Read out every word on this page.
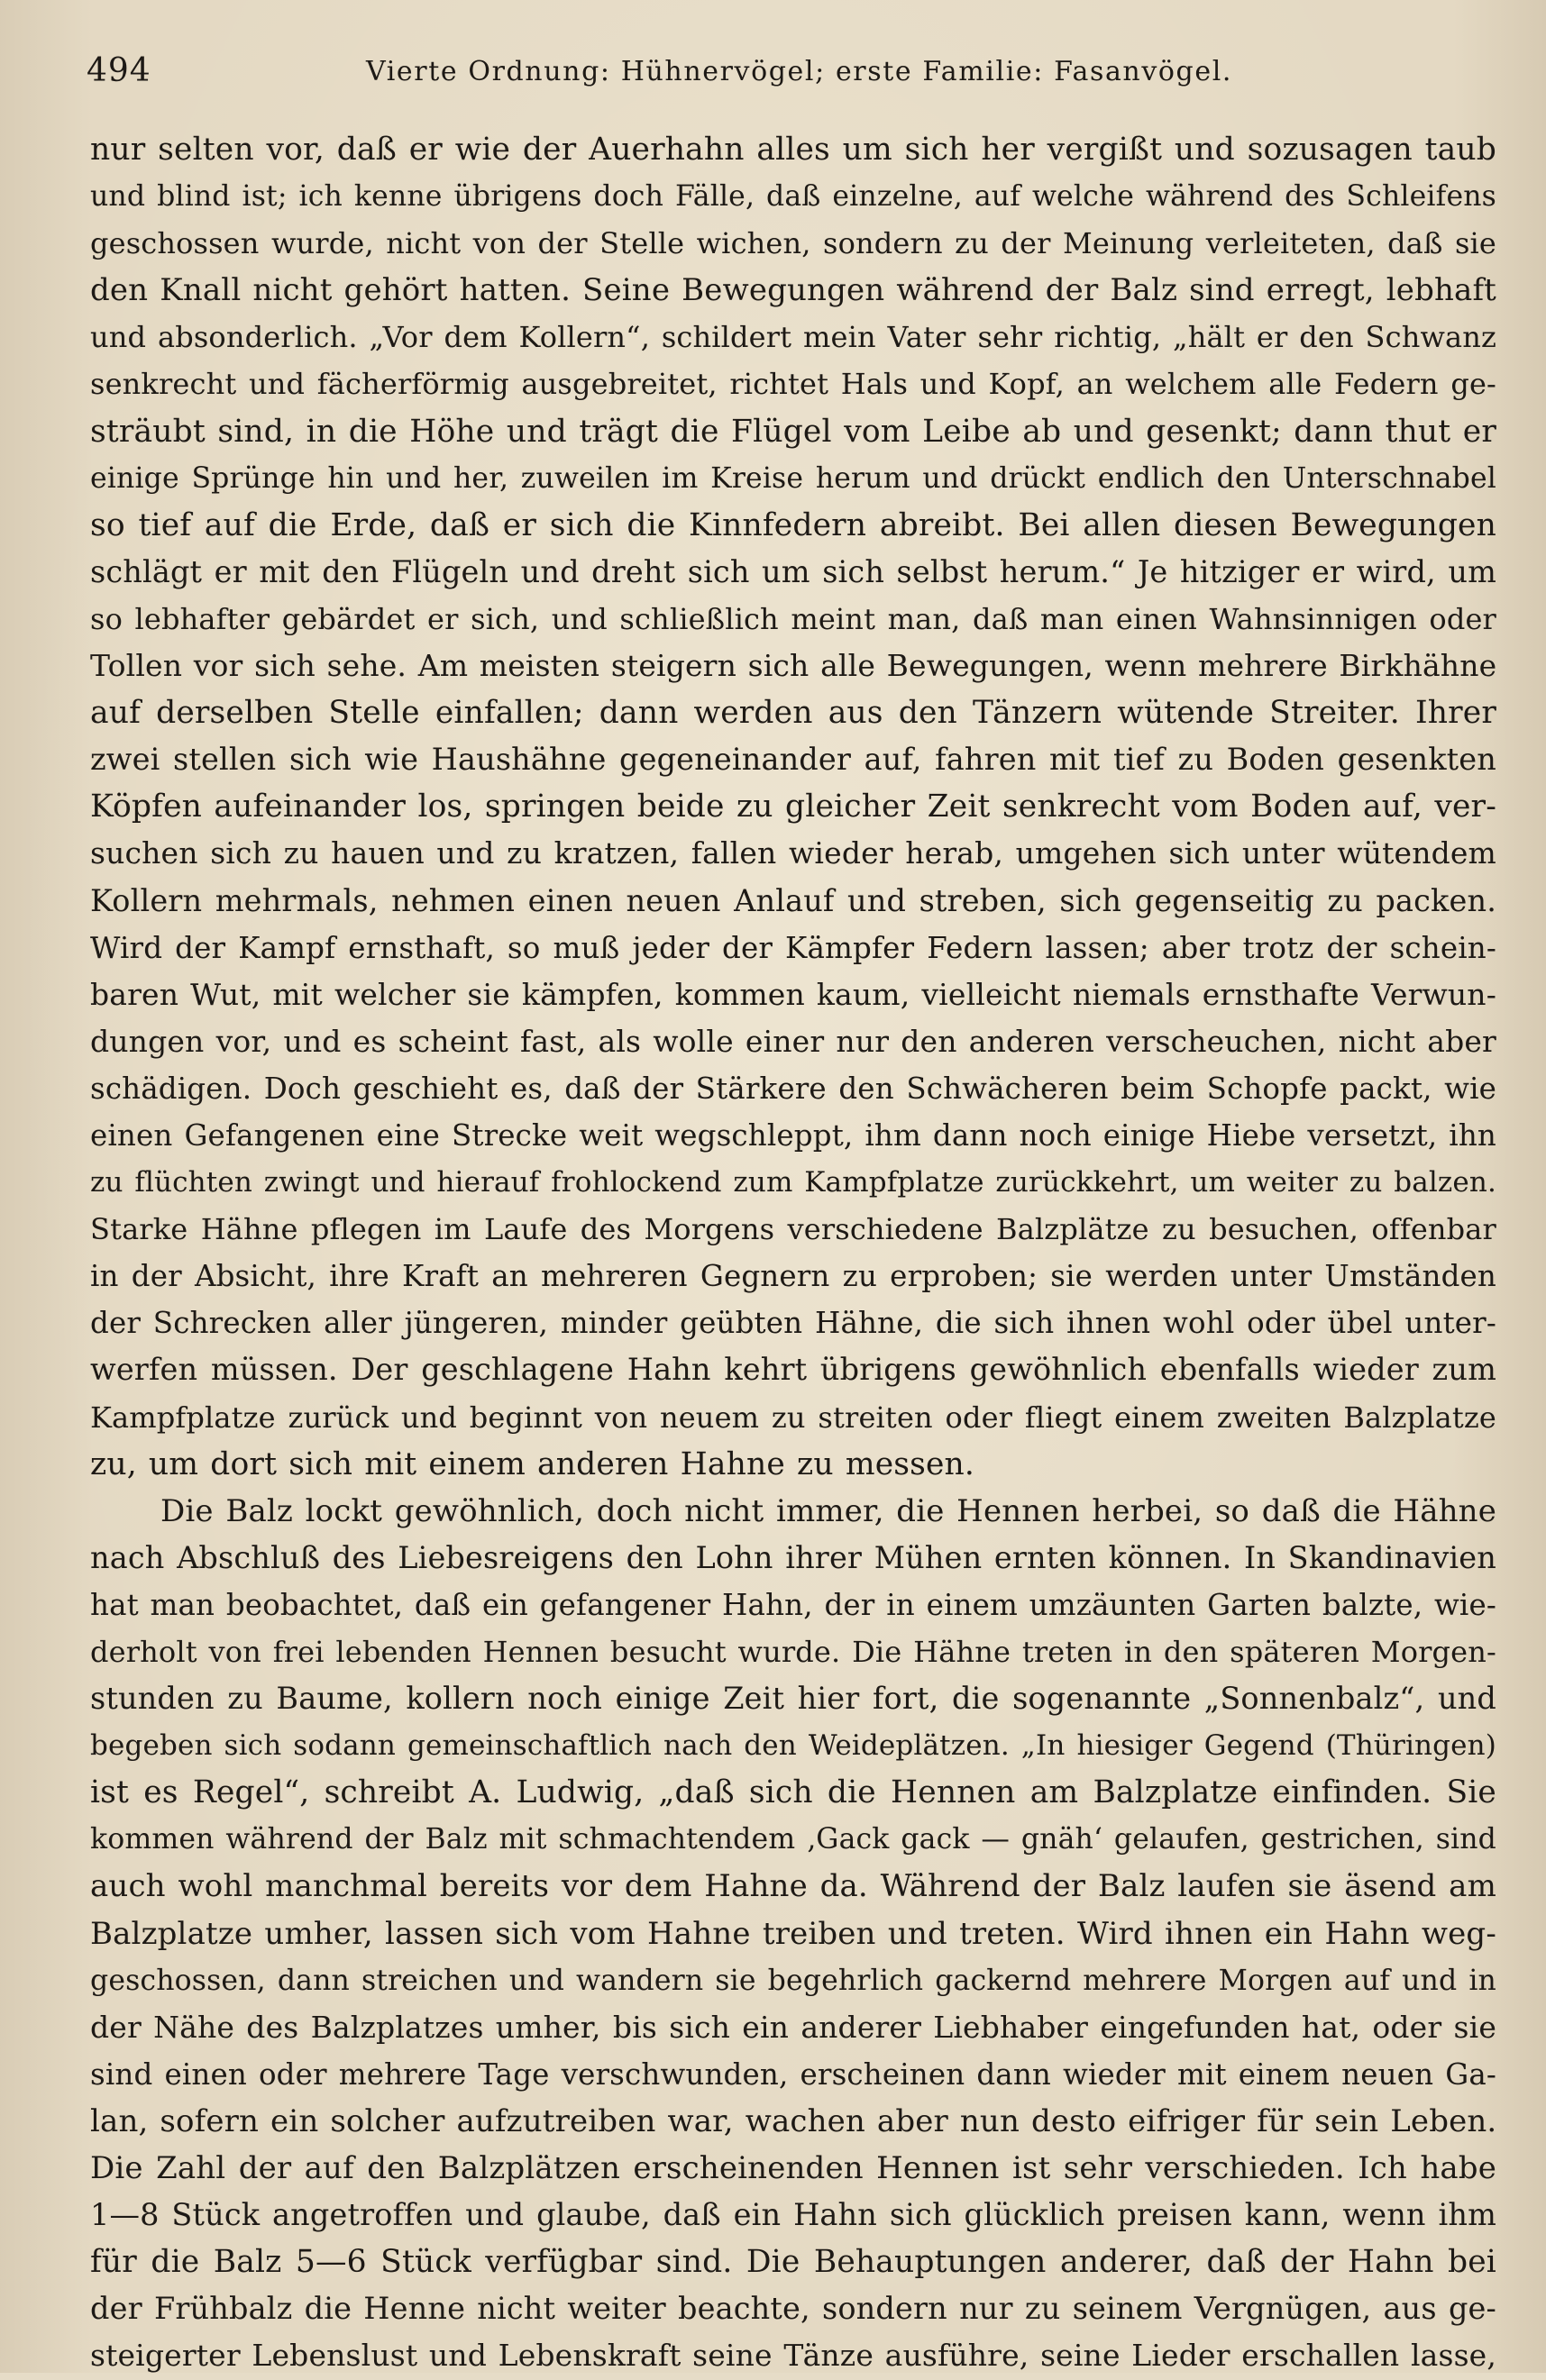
494	Vierte Ordnung: Hühnervögel; erste Familie: Fasanvögel.
nur selten vor, daß er wie der Auerhahn alles um sich her vergißt und sozusagen taub
und blind ist; ich kenne übrigens doch Fälle, daß einzelne, auf welche während des Schleifens
geschossen wurde, nicht von der Stelle wichen, sondern zu der Meinung verleiteten, daß sie
den Knall nicht gehört hatten. Seine Bewegungen während der Balz sind erregt, lebhaft
und absonderlich. „Vor dem Kollern“, schildert mein Vater sehr richtig, „hält er den Schwanz
senkrecht und fächerförmig ausgebreitet, richtet Hals und Kopf, an welchem alle Federn ge-
sträubt sind, in die Höhe und trägt die Flügel vom Leibe ab und gesenkt; dann thut er
einige Sprünge hin und her, zuweilen im Kreise herum und drückt endlich den Unterschnabel
so tief auf die Erde, daß er sich die Kinnfedern abreibt. Bei allen diesen Bewegungen
schlägt er mit den Flügeln und dreht sich um sich selbst herum.“ Je hitziger er wird, um
so lebhafter gebärdet er sich, und schließlich meint man, daß man einen Wahnsinnigen oder
Tollen vor sich sehe. Am meisten steigern sich alle Bewegungen, wenn mehrere Birkhähne
auf derselben Stelle einfallen; dann werden aus den Tänzern wütende Streiter. Ihrer
zwei stellen sich wie Haushähne gegeneinander auf, fahren mit tief zu Boden gesenkten
Köpfen aufeinander los, springen beide zu gleicher Zeit senkrecht vom Boden auf, ver-
suchen sich zu hauen und zu kratzen, fallen wieder herab, umgehen sich unter wütendem
Kollern mehrmals, nehmen einen neuen Anlauf und streben, sich gegenseitig zu packen.
Wird der Kampf ernsthaft, so muß jeder der Kämpfer Federn lassen; aber trotz der schein-
baren Wut, mit welcher sie kämpfen, kommen kaum, vielleicht niemals ernsthafte Verwun-
dungen vor, und es scheint fast, als wolle einer nur den anderen verscheuchen, nicht aber
schädigen. Doch geschieht es, daß der Stärkere den Schwächeren beim Schopfe packt, wie
einen Gefangenen eine Strecke weit wegschleppt, ihm dann noch einige Hiebe versetzt, ihn
zu flüchten zwingt und hierauf frohlockend zum Kampfplatze zurückkehrt, um weiter zu balzen.
Starke Hähne pflegen im Laufe des Morgens verschiedene Balzplätze zu besuchen, offenbar
in der Absicht, ihre Kraft an mehreren Gegnern zu erproben; sie werden unter Umständen
der Schrecken aller jüngeren, minder geübten Hähne, die sich ihnen wohl oder übel unter-
werfen müssen. Der geschlagene Hahn kehrt übrigens gewöhnlich ebenfalls wieder zum
Kampfplatze zurück und beginnt von neuem zu streiten oder fliegt einem zweiten Balzplatze
zu, um dort sich mit einem anderen Hahne zu messen.
Die Balz lockt gewöhnlich, doch nicht immer, die Hennen herbei, so daß die Hähne
nach Abschluß des Liebesreigens den Lohn ihrer Mühen ernten können. In Skandinavien
hat man beobachtet, daß ein gefangener Hahn, der in einem umzäunten Garten balzte, wie-
derholt von frei lebenden Hennen besucht wurde. Die Hähne treten in den späteren Morgen-
stunden zu Baume, kollern noch einige Zeit hier fort, die sogenannte „Sonnenbalz“, und
begeben sich sodann gemeinschaftlich nach den Weideplätzen. „In hiesiger Gegend (Thüringen)
ist es Regel“, schreibt A. Ludwig, „daß sich die Hennen am Balzplatze einfinden. Sie
kommen während der Balz mit schmachtendem ‚Gack gack — gnäh‘ gelaufen, gestrichen, sind
auch wohl manchmal bereits vor dem Hahne da. Während der Balz laufen sie äsend am
Balzplatze umher, lassen sich vom Hahne treiben und treten. Wird ihnen ein Hahn weg-
geschossen, dann streichen und wandern sie begehrlich gackernd mehrere Morgen auf und in
der Nähe des Balzplatzes umher, bis sich ein anderer Liebhaber eingefunden hat, oder sie
sind einen oder mehrere Tage verschwunden, erscheinen dann wieder mit einem neuen Ga-
lan, sofern ein solcher aufzutreiben war, wachen aber nun desto eifriger für sein Leben.
Die Zahl der auf den Balzplätzen erscheinenden Hennen ist sehr verschieden. Ich habe
1—8 Stück angetroffen und glaube, daß ein Hahn sich glücklich preisen kann, wenn ihm
für die Balz 5—6 Stück verfügbar sind. Die Behauptungen anderer, daß der Hahn bei
der Frühbalz die Henne nicht weiter beachte, sondern nur zu seinem Vergnügen, aus ge-
steigerter Lebenslust und Lebenskraft seine Tänze ausführe, seine Lieder erschallen lasse,
